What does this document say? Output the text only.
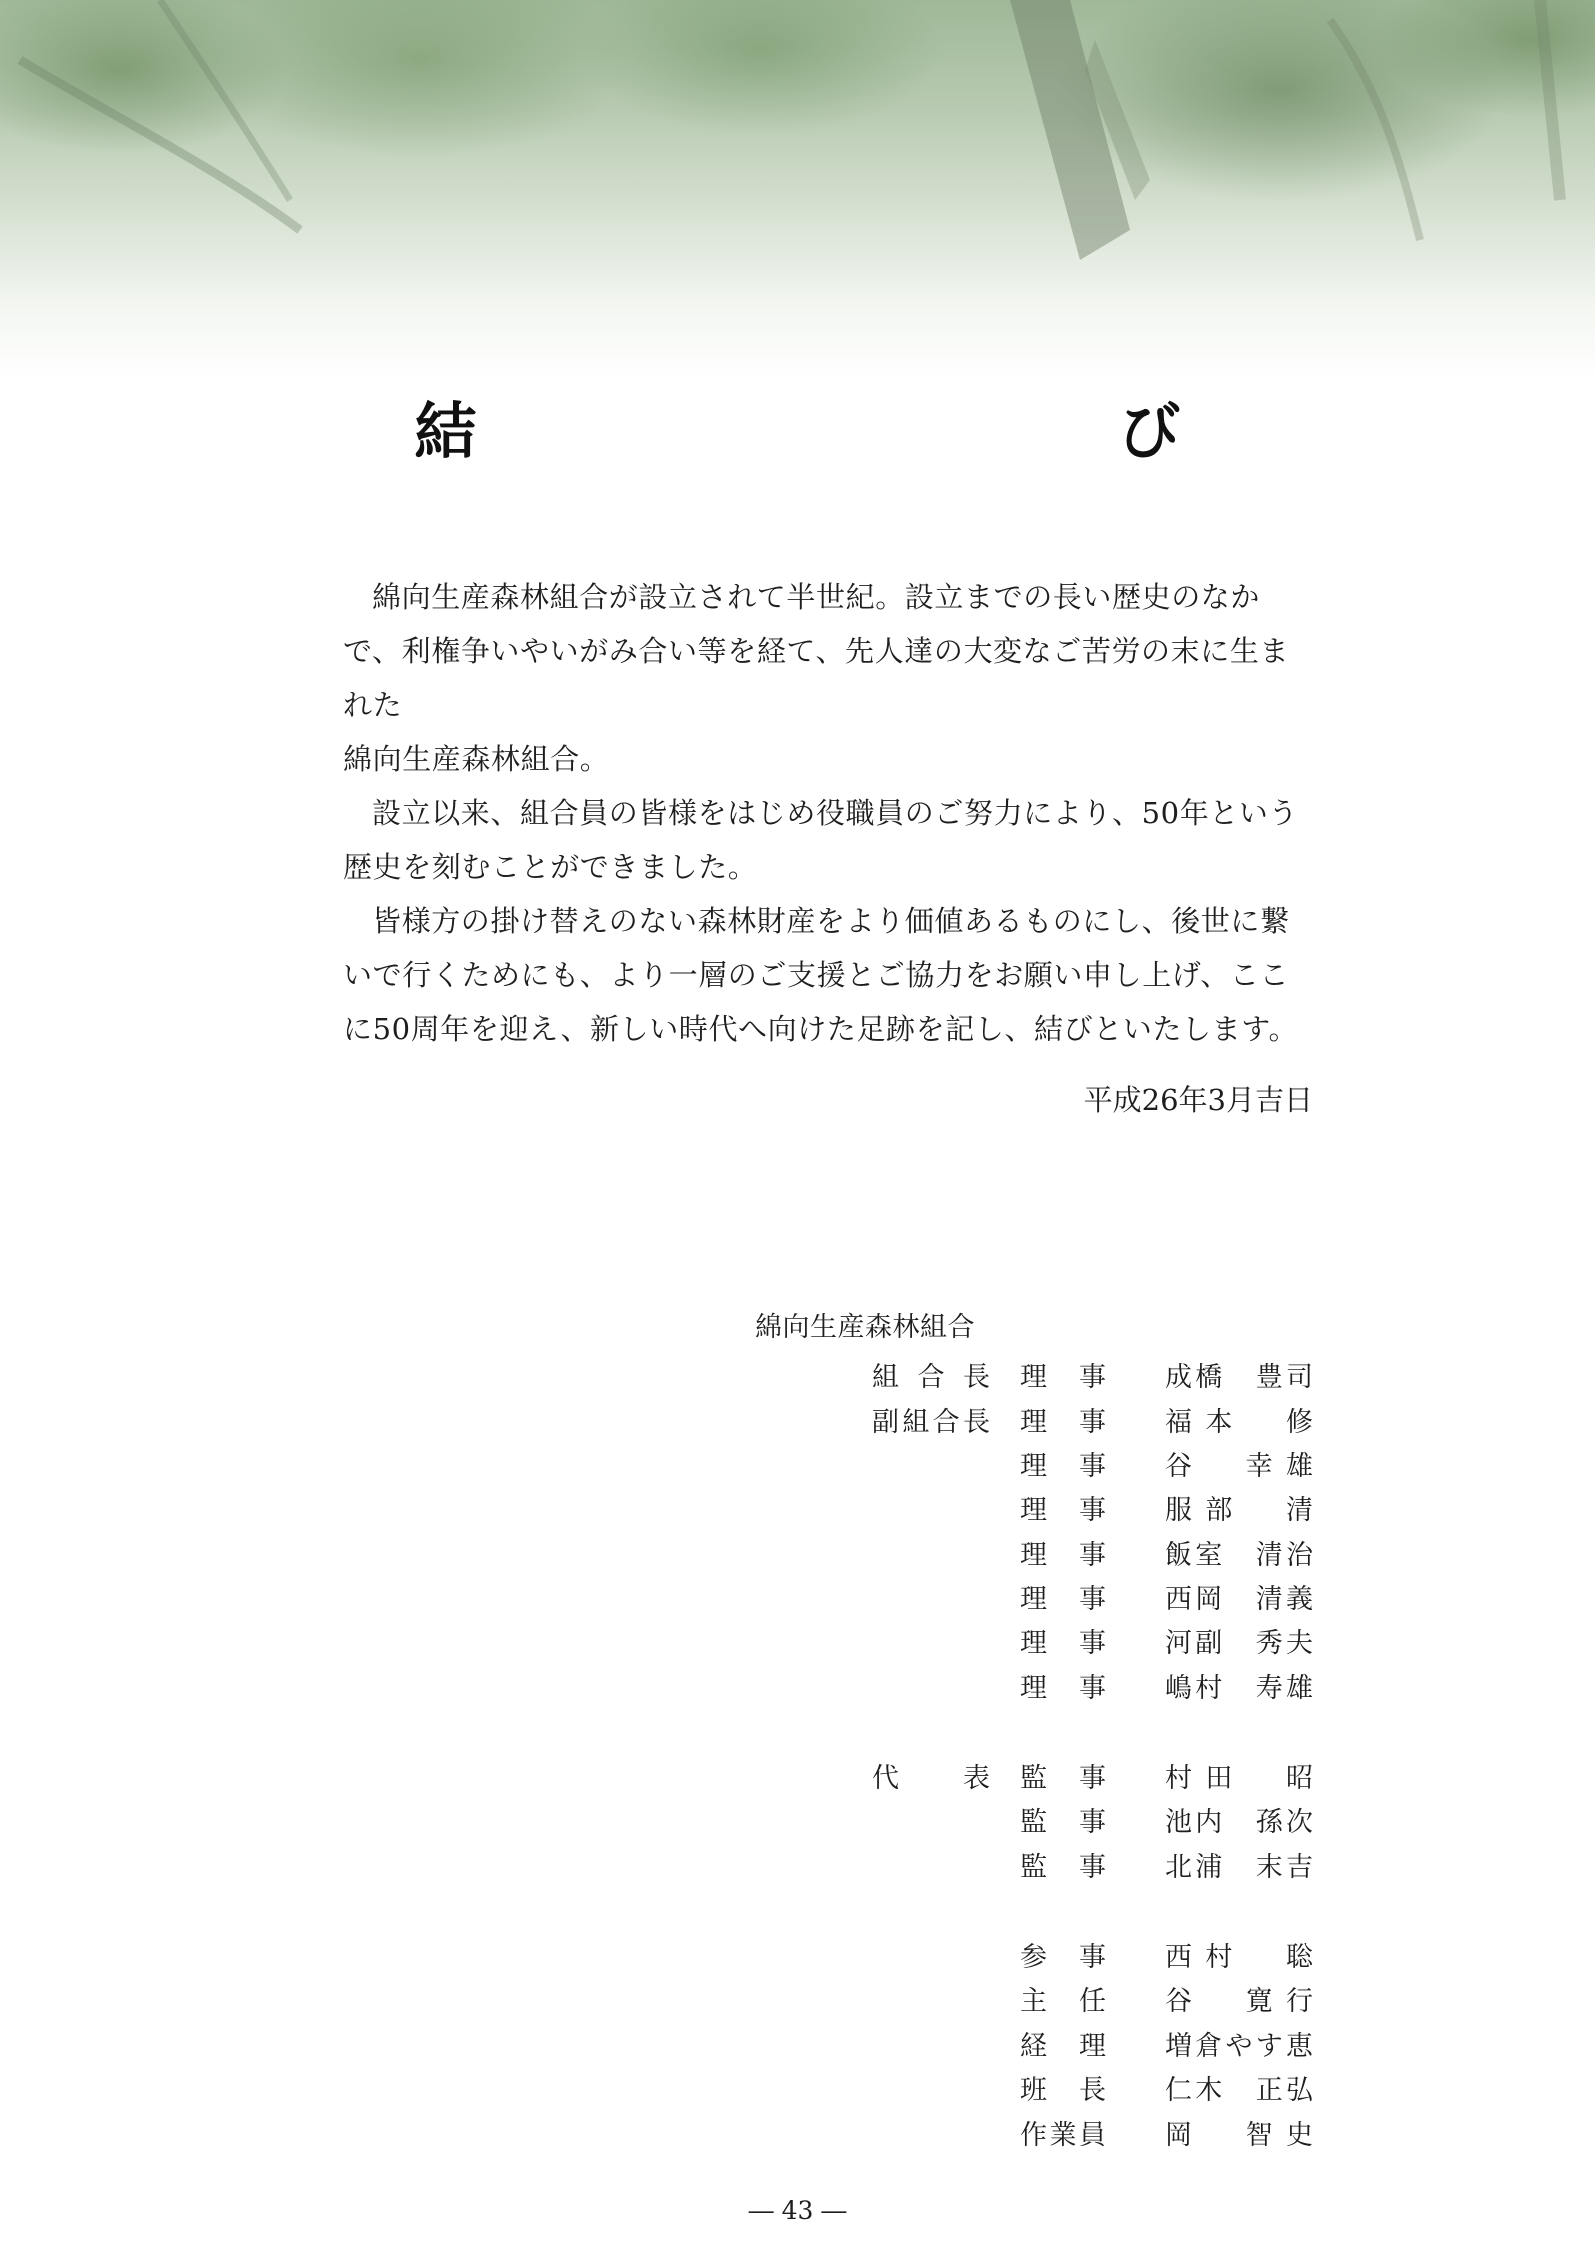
結　び

綿向生産森林組合が設立されて半世紀。設立までの長い歴史のなかで、利権争いやいがみ合い等を経て、先人達の大変なご苦労の末に生まれた

綿向生産森林組合。

設立以来、組合員の皆様をはじめ役職員のご努力により、50年という歴史を刻むことができました。

皆様方の掛け替えのない森林財産をより価値あるものにし、後世に繋いで行くためにも、より一層のご支援とご協力をお願い申し上げ、ここに50周年を迎え、新しい時代へ向けた足跡を記し、結びといたします。

平成26年3月吉日
綿向生産森林組合
組合長 理事 成橋　豊司
副組合長 理事 福本　修
理事 谷　幸雄
理事 服部　清
理事 飯室　清治
理事 西岡　清義
理事 河副　秀夫
理事 嶋村　寿雄
代表 監事 村田　昭
監事 池内　孫次
監事 北浦　末吉
参事 西村　聡
主任 谷　寛行
経理 増倉やす恵
班長 仁木　正弘
作業員 岡　智史
― 43 ―
